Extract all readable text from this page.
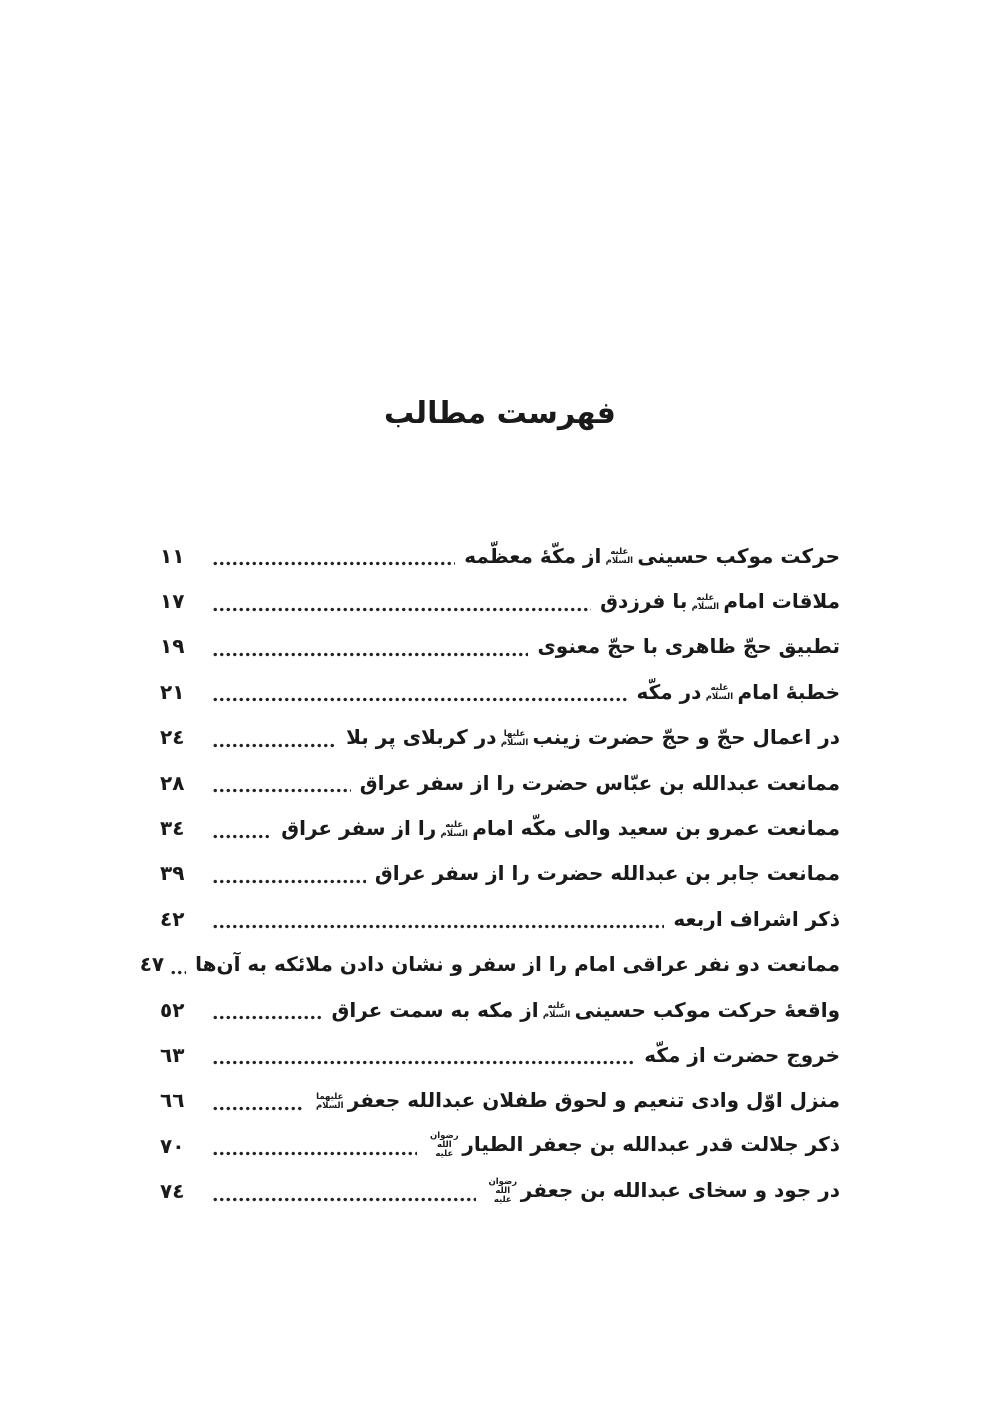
فهرست مطالب
حرکت موکب حسینیعلیه السلاماز مکّۀ معظّمه
١١
ملاقات امامعلیه السلامبا فرزدق
١٧
تطبیق حجّ ظاهری با حجّ معنوی
١٩
خطبۀ امامعلیه السلامدر مکّه
٢١
در اعمال حجّ و حجّ حضرت زینبعلیها السلامدر کربلای پر بلا
٢٤
ممانعت عبدالله بن عبّاس حضرت را از سفر عراق
٢٨
ممانعت عمرو بن سعید والی مکّه امامعلیه السلامرا از سفر عراق
٣٤
ممانعت جابر بن عبدالله حضرت را از سفر عراق
٣٩
ذکر اشراف اربعه
٤٢
ممانعت دو نفر عراقی امام را از سفر و نشان دادن ملائکه به آن‌ها
٤٧
واقعۀ حرکت موکب حسینیعلیه السلاماز مکه به سمت عراق
٥٢
خروج حضرت از مکّه
٦٣
منزل اوّل وادی تنعیم و لحوق طفلان عبدالله جعفرعلیهما السلام
٦٦
ذکر جلالت قدر عبدالله بن جعفر الطیاررضوان الله علیه
٧٠
در جود و سخای عبدالله بن جعفررضوان الله علیه
٧٤
